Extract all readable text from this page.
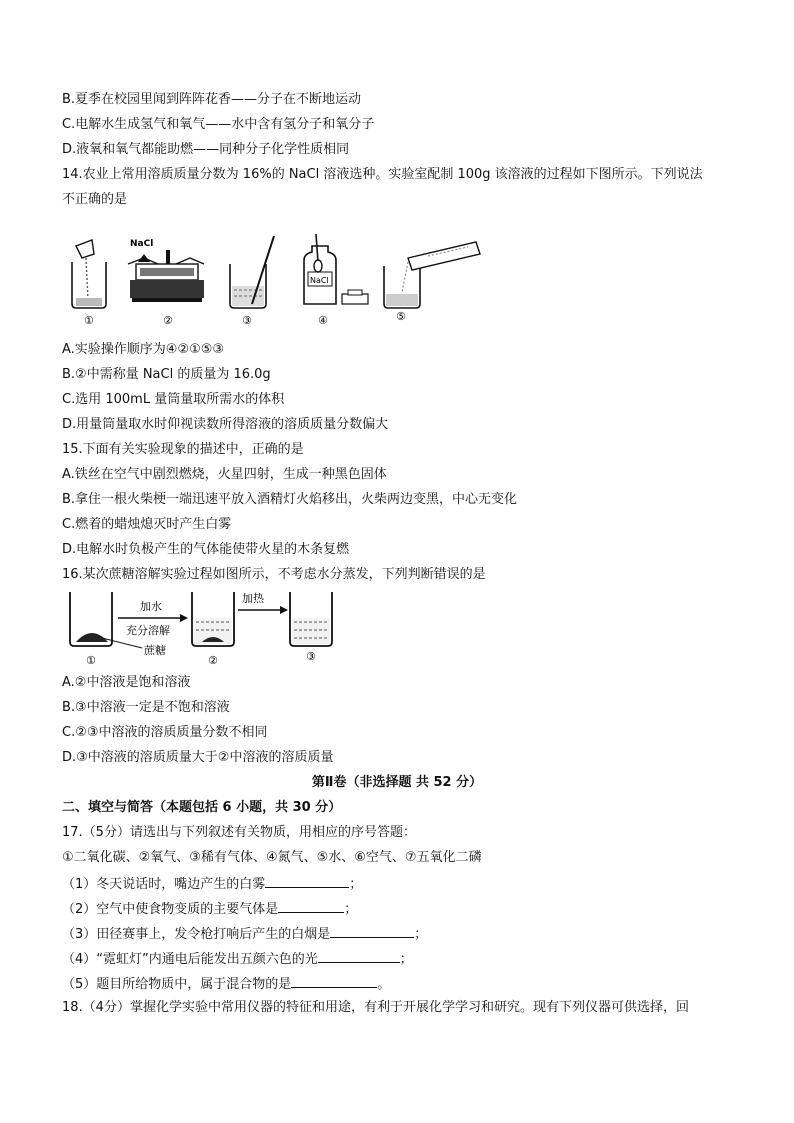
B.夏季在校园里闻到阵阵花香——分子在不断地运动
C.电解水生成氢气和氧气——水中含有氢分子和氧分子
D.液氧和氧气都能助燃——同种分子化学性质相同
14.农业上常用溶质质量分数为 16%的 NaCl 溶液选种。实验室配制 100g 该溶液的过程如下图所示。下列说法
不正确的是
NaCl
NaCl
①	②	③	④	⑤
A.实验操作顺序为④②①⑤③
B.②中需称量 NaCl 的质量为 16.0g
C.选用 100mL 量筒量取所需水的体积
D.用量筒量取水时仰视读数所得溶液的溶质质量分数偏大
15.下面有关实验现象的描述中，正确的是
A.铁丝在空气中剧烈燃烧，火星四射，生成一种黑色固体
B.拿住一根火柴梗一端迅速平放入酒精灯火焰移出，火柴两边变黑，中心无变化
C.燃着的蜡烛熄灭时产生白雾
D.电解水时负极产生的气体能使带火星的木条复燃
16.某次蔗糖溶解实验过程如图所示，不考虑水分蒸发，下列判断错误的是
加水
充分溶解
蔗糖
加热
①	②	③
A.②中溶液是饱和溶液
B.③中溶液一定是不饱和溶液
C.②③中溶液的溶质质量分数不相同
D.③中溶液的溶质质量大于②中溶液的溶质质量
第Ⅱ卷（非选择题 共 52 分）
二、填空与简答（本题包括 6 小题，共 30 分）
17.（5分）请选出与下列叙述有关物质，用相应的序号答题：
①二氧化碳、②氧气、③稀有气体、④氮气、⑤水、⑥空气、⑦五氧化二磷
（1）冬天说话时，嘴边产生的白雾	；
（2）空气中使食物变质的主要气体是	；
（3）田径赛事上，发令枪打响后产生的白烟是	；
（4）“霓虹灯”内通电后能发出五颜六色的光	；
（5）题目所给物质中，属于混合物的是	。
18.（4分）掌握化学实验中常用仪器的特征和用途，有利于开展化学学习和研究。现有下列仪器可供选择，回
